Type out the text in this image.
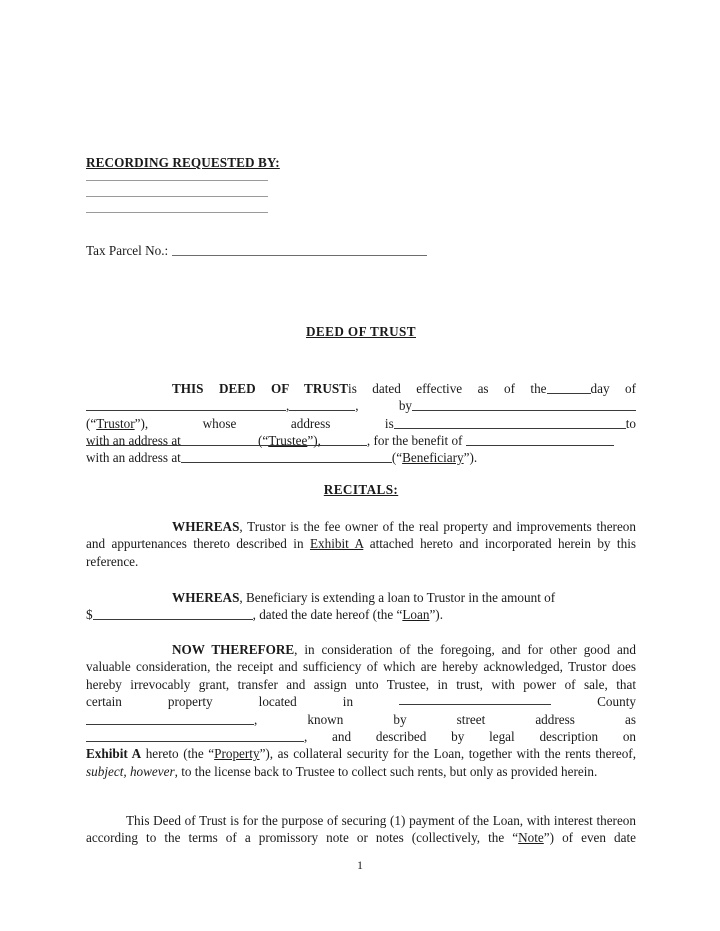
RECORDING REQUESTED BY:
Tax Parcel No.:
DEED OF TRUST

THIS DEED OF TRUSTis dated effective as of the	day of ,	, by(“Trustor”), whose	address is	to(“Trustee”),

with an address at	, for the benefit of
with an address at	(“Beneficiary”).
RECITALS:

WHEREAS, Trustor is the fee owner of the real property and improvements thereon and appurtenances thereto described in Exhibit A attached hereto and incorporated herein by this reference.

WHEREAS, Beneficiary is extending a loan to Trustor in the amount of
$	, dated the date hereof (the “Loan”).

NOW THEREFORE, in consideration of the foregoing, and for other good and valuable consideration, the receipt and sufficiency of which are hereby acknowledged, Trustor does hereby irrevocably grant, transfer and assign unto Trustee, in trust, with power of sale, that

certain	property	located	in	County
,	known	by	street	address	as
, and described by legal description on

Exhibit A hereto (the “Property”), as collateral security for the Loan, together with the rents thereof, subject, however, to the license back to Trustee to collect such rents, but only as provided herein.

This Deed of Trust is for the purpose of securing (1) payment of the Loan, with interest thereon according to the terms of a promissory note or notes (collectively, the “Note”) of even date

1
